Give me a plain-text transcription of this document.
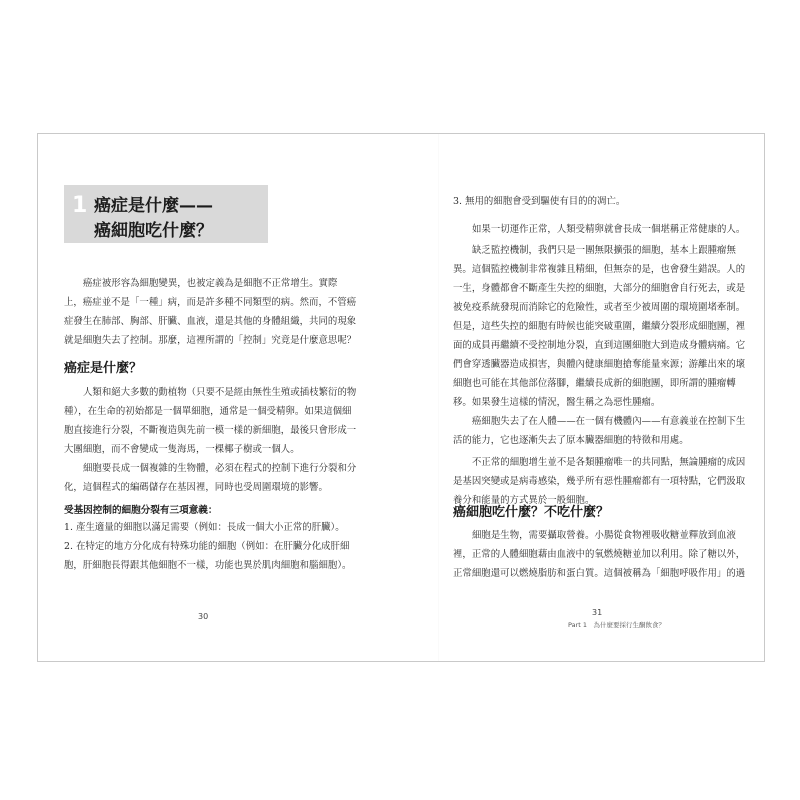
1 癌症是什麼——
癌細胞吃什麼？

癌症被形容為細胞變異，也被定義為是細胞不正常增生。實際
上，癌症並不是「一種」病，而是許多種不同類型的病。然而，不管癌
症發生在肺部、胸部、肝臟、血液，還是其他的身體組織，共同的現象
就是細胞失去了控制。那麼，這裡所謂的「控制」究竟是什麼意思呢？

癌症是什麼？

人類和絕大多數的動植物（只要不是經由無性生殖或插枝繁衍的物
種），在生命的初始都是一個單細胞，通常是一個受精卵。如果這個細
胞直接進行分裂，不斷複造與先前一模一樣的新細胞，最後只會形成一
大團細胞，而不會變成一隻海馬，一棵椰子樹或一個人。

細胞要長成一個複雜的生物體，必須在程式的控制下進行分裂和分
化，這個程式的編碼儲存在基因裡，同時也受周圍環境的影響。

受基因控制的細胞分裂有三項意義：

1. 產生適量的細胞以滿足需要（例如：長成一個大小正常的肝臟）。
2. 在特定的地方分化成有特殊功能的細胞（例如：在肝臟分化成肝細
胞，肝細胞長得跟其他細胞不一樣，功能也異於肌肉細胞和腦細胞）。

30

3. 無用的細胞會受到驅使有目的的凋亡。

如果一切運作正常，人類受精卵就會長成一個堪稱正常健康的人。

缺乏監控機制，我們只是一團無限擴張的細胞，基本上跟腫瘤無
異。這個監控機制非常複雜且精細，但無奈的是，也會發生錯誤。人的
一生，身體都會不斷產生失控的細胞，大部分的細胞會自行死去，或是
被免疫系統發現而消除它的危險性，或者至少被周圍的環境圍堵牽制。
但是，這些失控的細胞有時候也能突破重圍，繼續分裂形成細胞團，裡
面的成員再繼續不受控制地分裂，直到這團細胞大到造成身體病痛。它
們會穿透臟器造成損害，與體內健康細胞搶奪能量來源；游離出來的壞
細胞也可能在其他部位落腳，繼續長成新的細胞團，即所謂的腫瘤轉
移。如果發生這樣的情況，醫生稱之為惡性腫瘤。

癌細胞失去了在人體——在一個有機體內——有意義並在控制下生
活的能力，它也逐漸失去了原本臟器細胞的特徵和用處。

不正常的細胞增生並不是各類腫瘤唯一的共同點，無論腫瘤的成因
是基因突變或是病毒感染，幾乎所有惡性腫瘤都有一項特點，它們汲取
養分和能量的方式異於一般細胞。

癌細胞吃什麼？不吃什麼？

細胞是生物，需要攝取營養。小腸從食物裡吸收糖並釋放到血液
裡，正常的人體細胞藉由血液中的氧燃燒糖並加以利用。除了糖以外，
正常細胞還可以燃燒脂肪和蛋白質。這個被稱為「細胞呼吸作用」的過

31
Part 1　為什麼要採行生酮飲食？
